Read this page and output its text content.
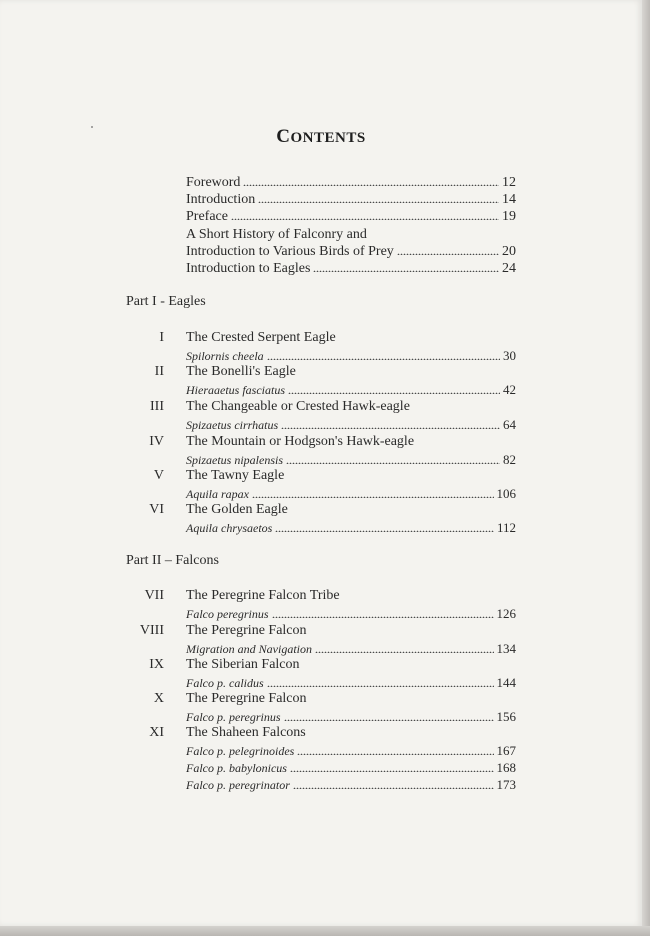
CONTENTS
Foreword	12
Introduction	14
Preface	19
A Short History of Falconry and
Introduction to Various Birds of Prey	20
Introduction to Eagles	24
Part I - Eagles
I The Crested Serpent Eagle
Spilornis cheela	30
II The Bonelli's Eagle
Hieraaetus fasciatus	42
III The Changeable or Crested Hawk-eagle
Spizaetus cirrhatus	64
IV The Mountain or Hodgson's Hawk-eagle
Spizaetus nipalensis	82
V The Tawny Eagle
Aquila rapax	106
VI The Golden Eagle
Aquila chrysaetos	112
Part II – Falcons
VII The Peregrine Falcon Tribe
Falco peregrinus	126
VIII The Peregrine Falcon
Migration and Navigation	134
IX The Siberian Falcon
Falco p. calidus	144
X The Peregrine Falcon
Falco p. peregrinus	156
XI The Shaheen Falcons
Falco p. pelegrinoides	167
Falco p. babylonicus	168
Falco p. peregrinator	173
